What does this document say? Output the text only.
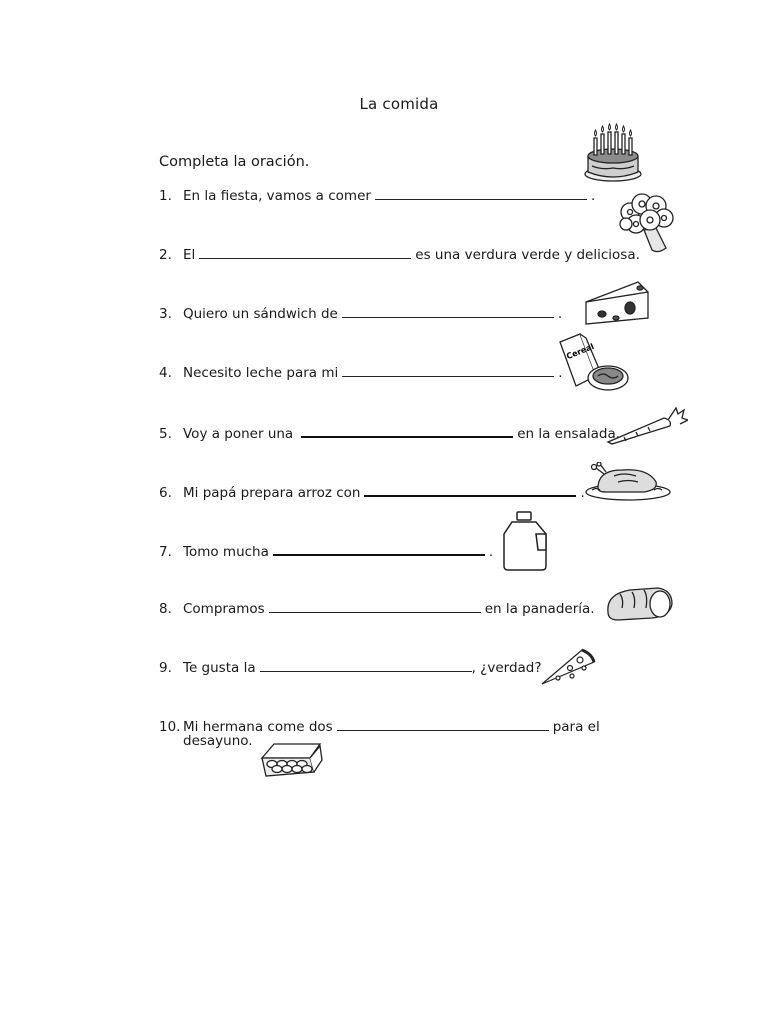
La comida
Completa la oración.
1. En la fiesta, vamos a comer	.
2. El	es una verdura verde y deliciosa.
3. Quiero un sándwich de	.
4. Necesito leche para mi	.
5. Voy a poner una	en la ensalada.
6. Mi papá prepara arroz con	.
7. Tomo mucha	.
8. Compramos	en la panadería.
9. Te gusta la	, ¿verdad?
10. Mi hermana come dos	para el
desayuno.
Cereal
